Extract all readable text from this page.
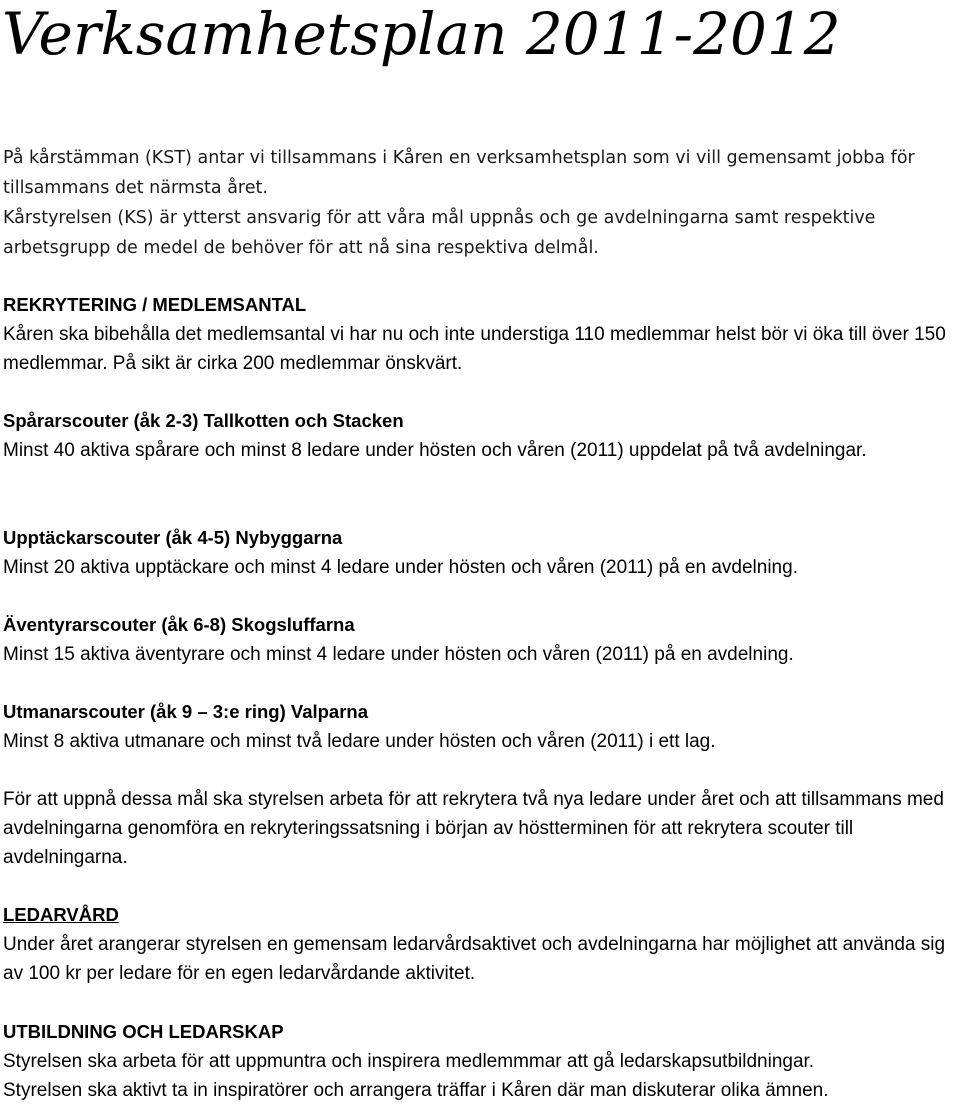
Verksamhetsplan 2011-2012
På kårstämman (KST) antar vi tillsammans i Kåren en verksamhetsplan som vi vill gemensamt jobba för tillsammans det närmsta året.
Kårstyrelsen (KS) är ytterst ansvarig för att våra mål uppnås och ge avdelningarna samt respektive arbetsgrupp de medel de behöver för att nå sina respektiva delmål.
REKRYTERING / MEDLEMSANTAL
Kåren ska bibehålla det medlemsantal vi har nu och inte understiga 110 medlemmar helst bör vi öka till över 150 medlemmar. På sikt är cirka 200 medlemmar önskvärt.
Spårarscouter (åk 2-3) Tallkotten och Stacken
Minst 40 aktiva spårare och minst 8 ledare under hösten och våren (2011) uppdelat på två avdelningar.
Upptäckarscouter (åk 4-5) Nybyggarna
Minst 20 aktiva upptäckare och minst 4 ledare under hösten och våren (2011) på en avdelning.
Äventyrarscouter (åk 6-8) Skogsluffarna
Minst 15 aktiva äventyrare och minst 4 ledare under hösten och våren (2011) på en avdelning.
Utmanarscouter (åk 9 – 3:e ring) Valparna
Minst 8 aktiva utmanare och minst två ledare under hösten och våren (2011) i ett lag.
För att uppnå dessa mål ska styrelsen arbeta för att rekrytera två nya ledare under året och att tillsammans med avdelningarna genomföra en rekryteringssatsning i början av höstterminen för att rekrytera scouter till avdelningarna.
LEDARVÅRD
Under året arangerar styrelsen en gemensam ledarvårdsaktivet och avdelningarna har möjlighet att använda sig av 100 kr per ledare för en egen ledarvårdande aktivitet.
UTBILDNING OCH LEDARSKAP
Styrelsen ska arbeta för att uppmuntra och inspirera medlemmmar att gå ledarskapsutbildningar.
Styrelsen ska aktivt ta in inspiratörer och arrangera träffar i Kåren där man diskuterar olika ämnen.
